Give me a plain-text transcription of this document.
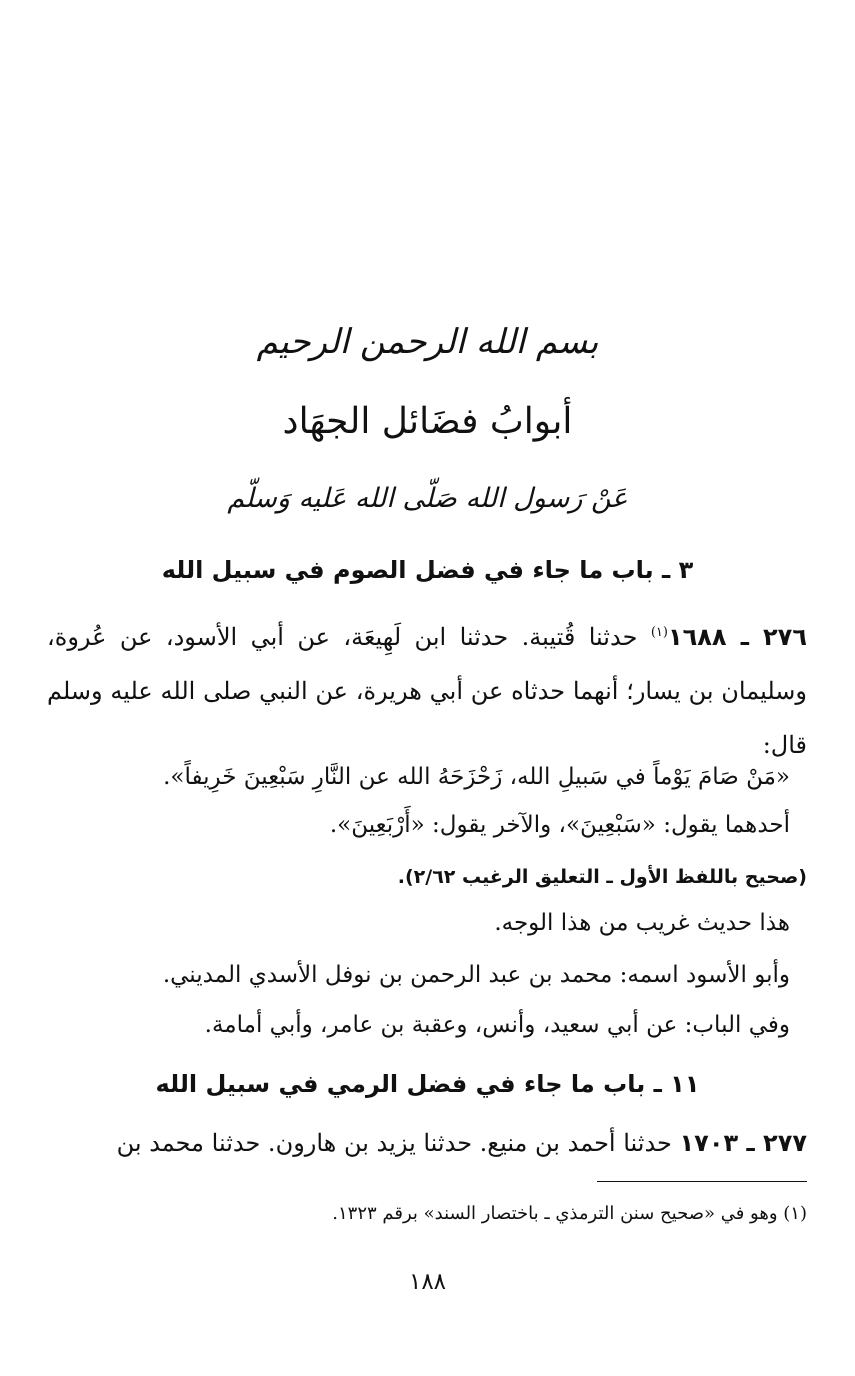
بسم الله الرحمن الرحيم
أبوابُ فضَائل الجهَاد
عَنْ رَسول الله صَلّى الله عَليه وَسلّم
٣ ـ باب ما جاء في فضل الصوم في سبيل الله
٢٧٦ ـ ١٦٨٨$^{(١)}$ حدثنا قُتيبة. حدثنا ابن لَهِيعَة، عن أبي الأسود، عن عُروة، وسليمان بن يسار؛ أنهما حدثاه عن أبي هريرة، عن النبي صلى الله عليه وسلم قال:
«مَنْ صَامَ يَوْماً في سَبيلِ الله، زَحْزَحَهُ الله عن النَّارِ سَبْعِينَ خَرِيفاً».
أحدهما يقول: «سَبْعِينَ»، والآخر يقول: «أَرْبَعِينَ».
(صحيح باللفظ الأول ـ التعليق الرغيب ٢/٦٢).
هذا حديث غريب من هذا الوجه.
وأبو الأسود اسمه: محمد بن عبد الرحمن بن نوفل الأسدي المديني.
وفي الباب: عن أبي سعيد، وأنس، وعقبة بن عامر، وأبي أمامة.
١١ ـ باب ما جاء في فضل الرمي في سبيل الله
٢٧٧ ـ ١٧٠٣ حدثنا أحمد بن منيع. حدثنا يزيد بن هارون. حدثنا محمد بن
(١) وهو في «صحيح سنن الترمذي ـ باختصار السند» برقم ١٣٢٣.
١٨٨
